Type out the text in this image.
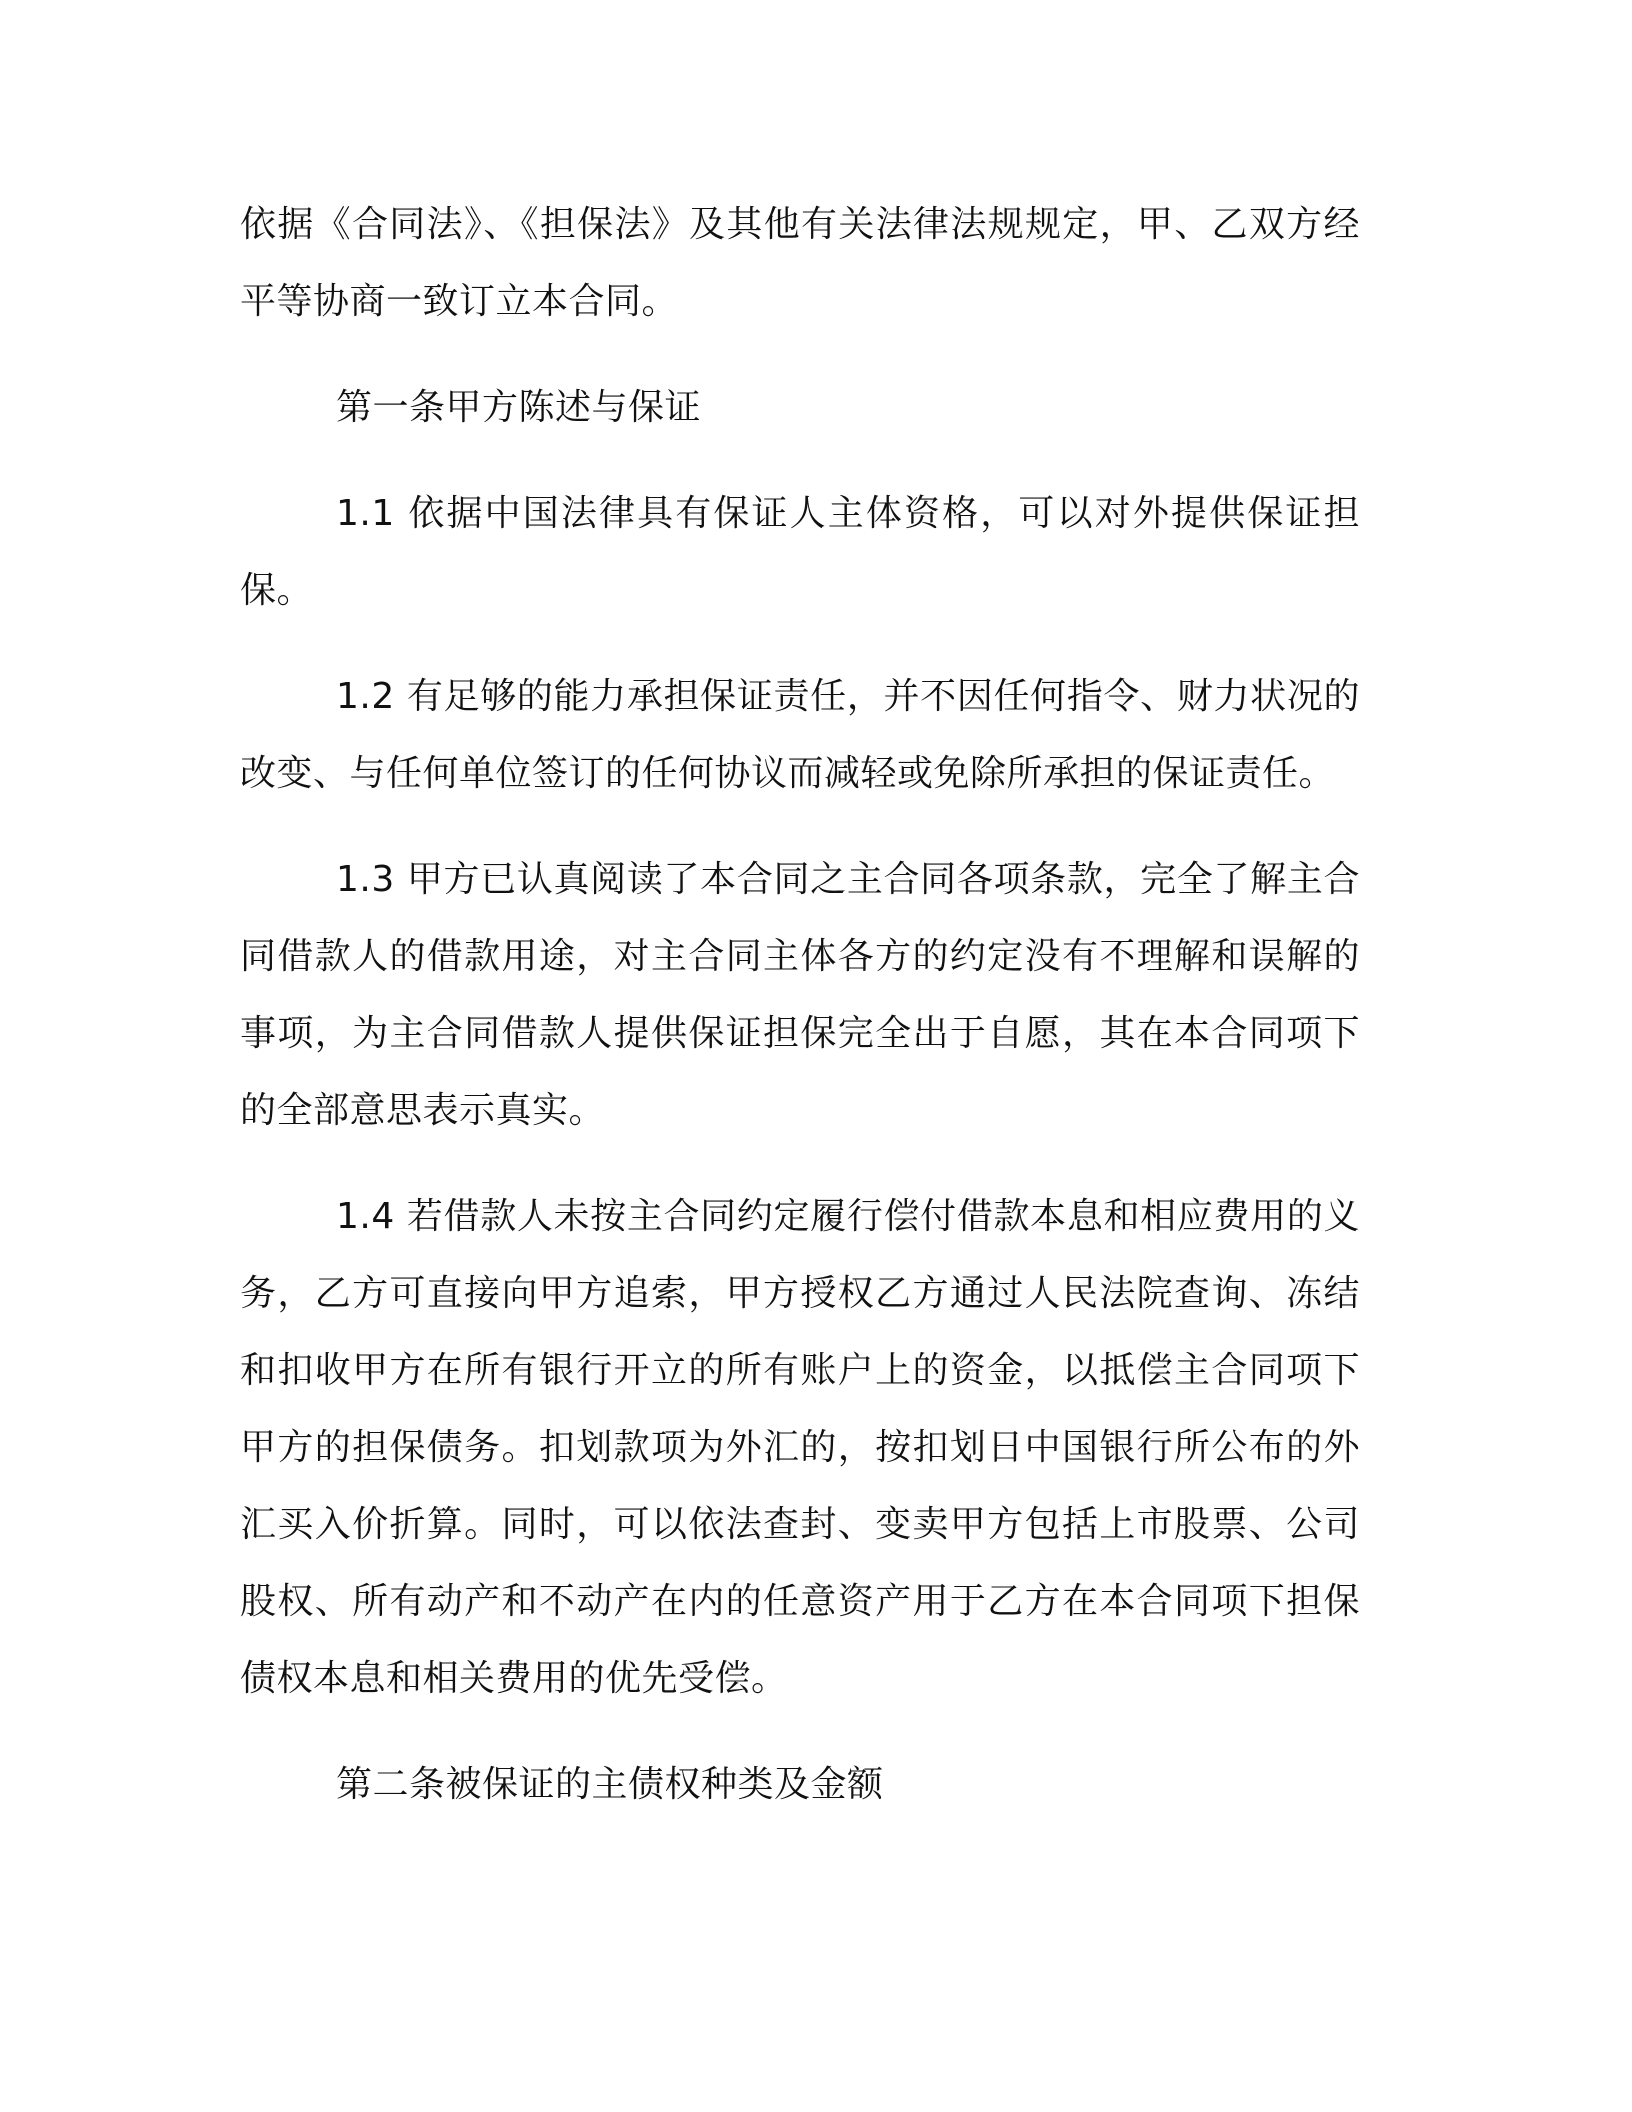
依据《合同法》、《担保法》及其他有关法律法规规定，甲、乙双方经平等协商一致订立本合同。

第一条甲方陈述与保证

1.1 依据中国法律具有保证人主体资格，可以对外提供保证担保。

1.2 有足够的能力承担保证责任，并不因任何指令、财力状况的改变、与任何单位签订的任何协议而减轻或免除所承担的保证责任。

1.3 甲方已认真阅读了本合同之主合同各项条款，完全了解主合同借款人的借款用途，对主合同主体各方的约定没有不理解和误解的事项，为主合同借款人提供保证担保完全出于自愿，其在本合同项下的全部意思表示真实。

1.4 若借款人未按主合同约定履行偿付借款本息和相应费用的义务，乙方可直接向甲方追索，甲方授权乙方通过人民法院查询、冻结和扣收甲方在所有银行开立的所有账户上的资金，以抵偿主合同项下甲方的担保债务。扣划款项为外汇的，按扣划日中国银行所公布的外汇买入价折算。同时，可以依法查封、变卖甲方包括上市股票、公司股权、所有动产和不动产在内的任意资产用于乙方在本合同项下担保债权本息和相关费用的优先受偿。

第二条被保证的主债权种类及金额
